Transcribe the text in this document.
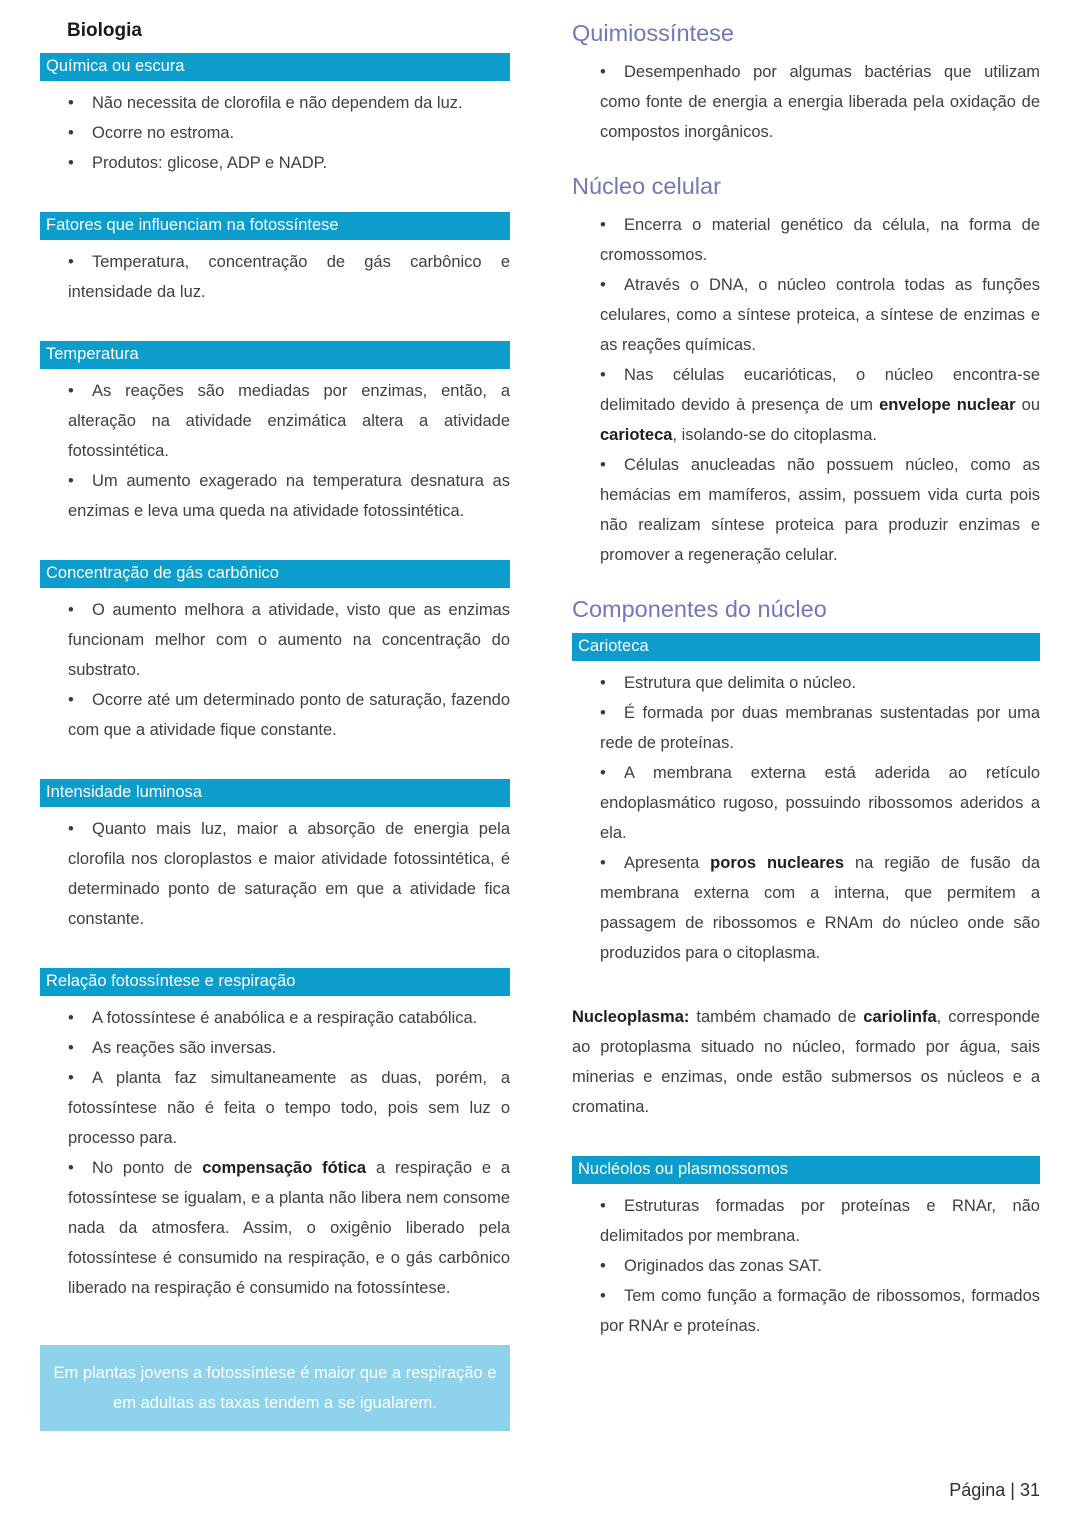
Biologia
Química ou escura
• Não necessita de clorofila e não dependem da luz.
• Ocorre no estroma.
• Produtos: glicose, ADP e NADP.
Fatores que influenciam na fotossíntese
• Temperatura, concentração de gás carbônico e intensidade da luz.
Temperatura
• As reações são mediadas por enzimas, então, a alteração na atividade enzimática altera a atividade fotossintética.
• Um aumento exagerado na temperatura desnatura as enzimas e leva uma queda na atividade fotossintética.
Concentração de gás carbônico
• O aumento melhora a atividade, visto que as enzimas funcionam melhor com o aumento na concentração do substrato.
• Ocorre até um determinado ponto de saturação, fazendo com que a atividade fique constante.
Intensidade luminosa
• Quanto mais luz, maior a absorção de energia pela clorofila nos cloroplastos e maior atividade fotossintética, é determinado ponto de saturação em que a atividade fica constante.
Relação fotossíntese e respiração
• A fotossíntese é anabólica e a respiração catabólica.
• As reações são inversas.
• A planta faz simultaneamente as duas, porém, a fotossíntese não é feita o tempo todo, pois sem luz o processo para.
• No ponto de compensação fótica a respiração e a fotossíntese se igualam, e a planta não libera nem consome nada da atmosfera. Assim, o oxigênio liberado pela fotossíntese é consumido na respiração, e o gás carbônico liberado na respiração é consumido na fotossíntese.
Em plantas jovens a fotossíntese é maior que a respiração e em adultas as taxas tendem a se igualarem.
Quimiossíntese
• Desempenhado por algumas bactérias que utilizam como fonte de energia a energia liberada pela oxidação de compostos inorgânicos.
Núcleo celular
• Encerra o material genético da célula, na forma de cromossomos.
• Através o DNA, o núcleo controla todas as funções celulares, como a síntese proteica, a síntese de enzimas e as reações químicas.
• Nas células eucarióticas, o núcleo encontra-se delimitado devido à presença de um envelope nuclear ou carioteca, isolando-se do citoplasma.
• Células anucleadas não possuem núcleo, como as hemácias em mamíferos, assim, possuem vida curta pois não realizam síntese proteica para produzir enzimas e promover a regeneração celular.
Componentes do núcleo
Carioteca
• Estrutura que delimita o núcleo.
• É formada por duas membranas sustentadas por uma rede de proteínas.
• A membrana externa está aderida ao retículo endoplasmático rugoso, possuindo ribossomos aderidos a ela.
• Apresenta poros nucleares na região de fusão da membrana externa com a interna, que permitem a passagem de ribossomos e RNAm do núcleo onde são produzidos para o citoplasma.
Nucleoplasma: também chamado de cariolinfa, corresponde ao protoplasma situado no núcleo, formado por água, sais minerias e enzimas, onde estão submersos os núcleos e a cromatina.
Nucléolos ou plasmossomos
• Estruturas formadas por proteínas e RNAr, não delimitados por membrana.
• Originados das zonas SAT.
• Tem como função a formação de ribossomos, formados por RNAr e proteínas.
Página | 31
